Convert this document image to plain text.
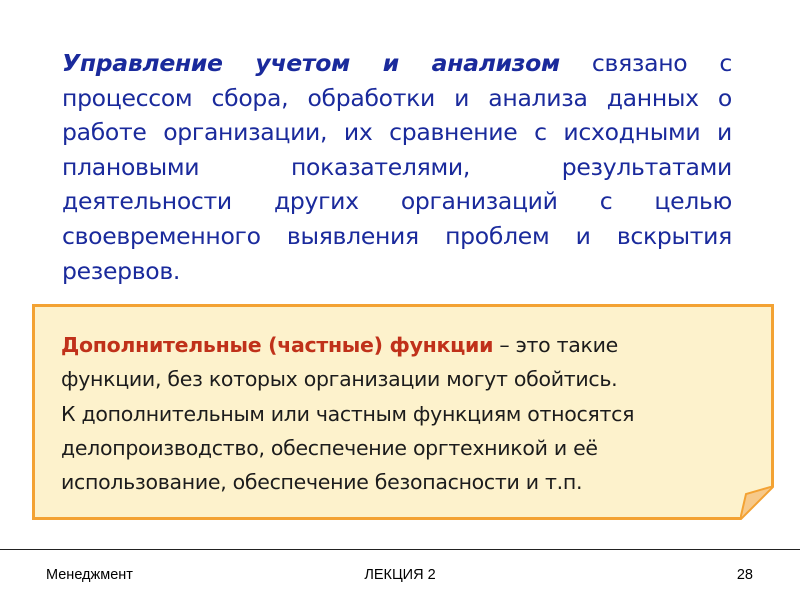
Управление учетом и анализом связано с процессом сбора, обработки и анализа данных о работе организации, их сравнение с исходными и плановыми показателями, результатами деятельности других организаций с целью своевременного выявления проблем и вскрытия резервов.
Дополнительные (частные) функции – это такие
функции, без которых организации могут обойтись.
К дополнительным или частным функциям относятся
делопроизводство, обеспечение оргтехникой и её
использование, обеспечение безопасности и т.п.
Менеджмент	ЛЕКЦИЯ 2	28
